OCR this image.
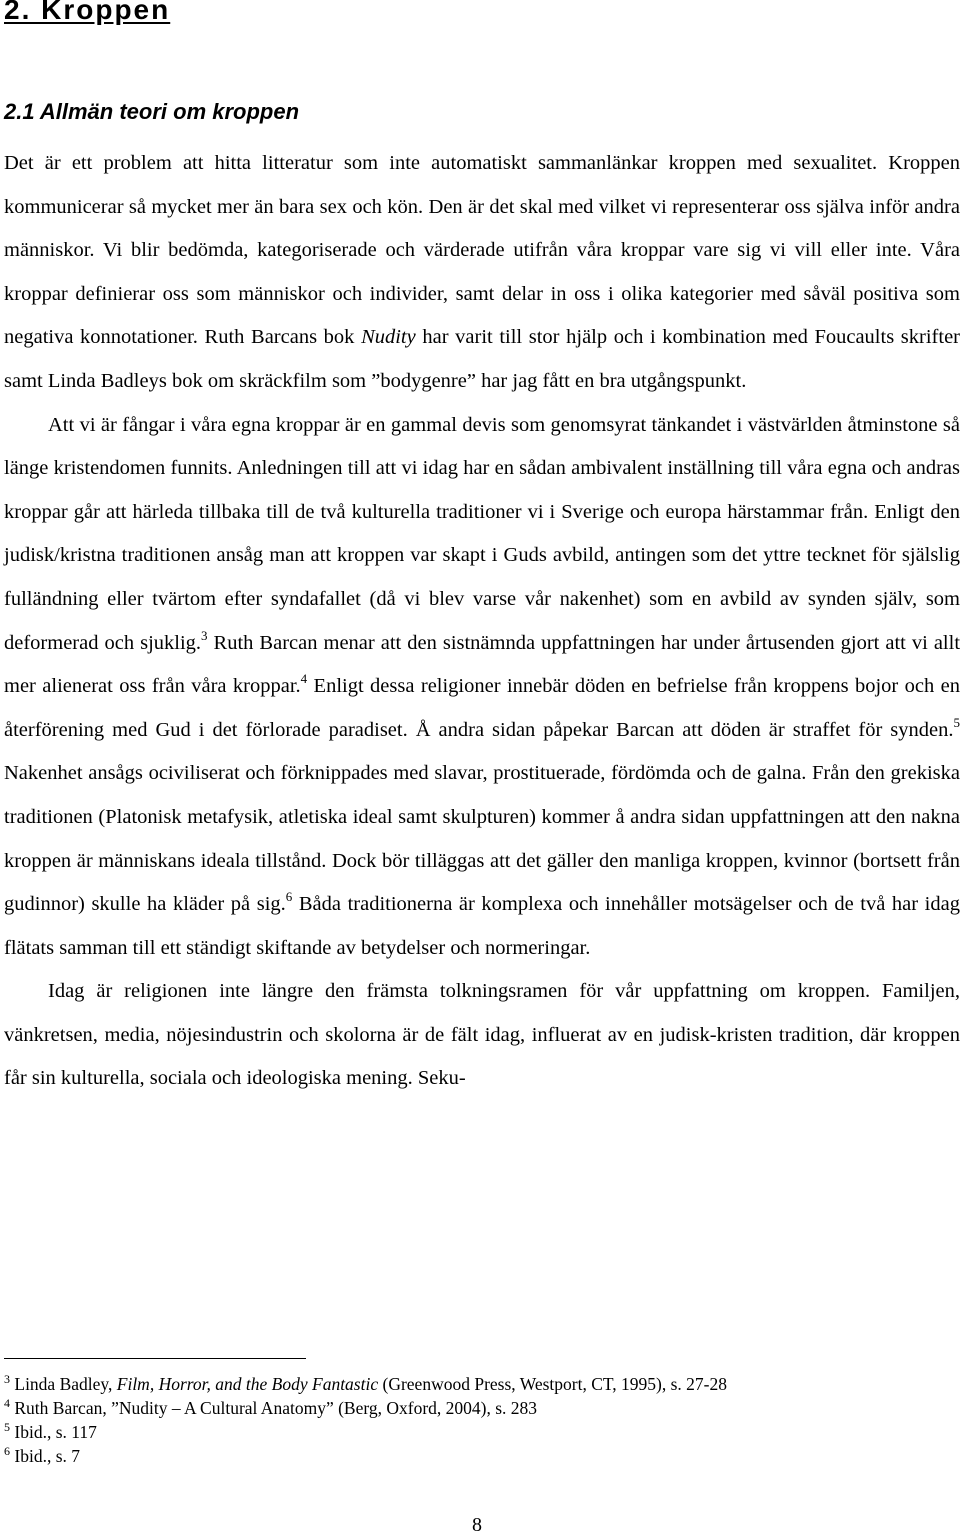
2. Kroppen
2.1 Allmän teori om kroppen

Det är ett problem att hitta litteratur som inte automatiskt sammanlänkar kroppen med sexualitet. Kroppen kommunicerar så mycket mer än bara sex och kön. Den är det skal med vilket vi representerar oss själva inför andra människor. Vi blir bedömda, kategoriserade och värderade utifrån våra kroppar vare sig vi vill eller inte. Våra kroppar definierar oss som människor och individer, samt delar in oss i olika kategorier med såväl positiva som negativa konnotationer. Ruth Barcans bok Nudity har varit till stor hjälp och i kombination med Foucaults skrifter samt Linda Badleys bok om skräckfilm som ”bodygenre” har jag fått en bra utgångspunkt.

Att vi är fångar i våra egna kroppar är en gammal devis som genomsyrat tänkandet i västvärlden åtminstone så länge kristendomen funnits. Anledningen till att vi idag har en sådan ambivalent inställning till våra egna och andras kroppar går att härleda tillbaka till de två kulturella traditioner vi i Sverige och europa härstammar från. Enligt den judisk/kristna traditionen ansåg man att kroppen var skapt i Guds avbild, antingen som det yttre tecknet för själslig fulländning eller tvärtom efter syndafallet (då vi blev varse vår nakenhet) som en avbild av synden själv, som deformerad och sjuklig.$^3$ Ruth Barcan menar att den sistnämnda uppfattningen har under årtusenden gjort att vi allt mer alienerat oss från våra kroppar.$^4$ Enligt dessa religioner innebär döden en befrielse från kroppens bojor och en återförening med Gud i det förlorade paradiset. Å andra sidan påpekar Barcan att döden är straffet för synden.$^5$ Nakenhet ansågs ociviliserat och förknippades med slavar, prostituerade, fördömda och de galna. Från den grekiska traditionen (Platonisk metafysik, atletiska ideal samt skulpturen) kommer å andra sidan uppfattningen att den nakna kroppen är människans ideala tillstånd. Dock bör tilläggas att det gäller den manliga kroppen, kvinnor (bortsett från gudinnor) skulle ha kläder på sig.$^6$ Båda traditionerna är komplexa och innehåller motsägelser och de två har idag flätats samman till ett ständigt skiftande av betydelser och normeringar.

Idag är religionen inte längre den främsta tolkningsramen för vår uppfattning om kroppen. Familjen, vänkretsen, media, nöjesindustrin och skolorna är de fält idag, influerat av en judisk-kristen tradition, där kroppen får sin kulturella, sociala och ideologiska mening. Seku-

$^3$ Linda Badley, Film, Horror, and the Body Fantastic (Greenwood Press, Westport, CT, 1995), s. 27-28
$^4$ Ruth Barcan, ”Nudity – A Cultural Anatomy” (Berg, Oxford, 2004), s. 283
$^5$ Ibid., s. 117
$^6$ Ibid., s. 7
8
